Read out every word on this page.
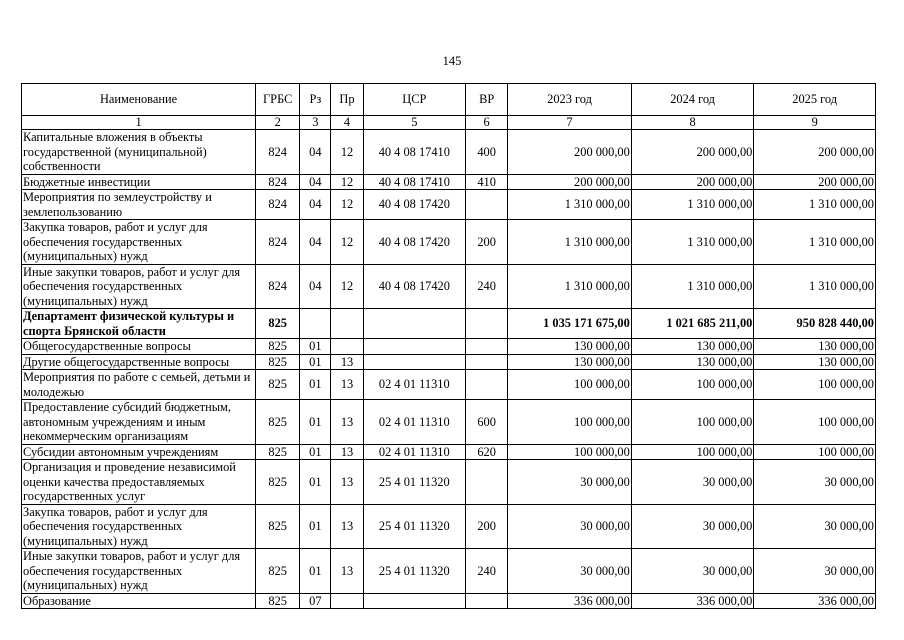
145
Наименование	ГРБС	Рз	Пр	ЦСР	ВР	2023 год	2024 год	2025 год
1	2	3	4	5	6	7	8	9
Капитальные вложения в объекты государственной (муниципальной) собственности	824	04	12	40 4 08 17410	400	200 000,00	200 000,00	200 000,00
Бюджетные инвестиции	824	04	12	40 4 08 17410	410	200 000,00	200 000,00	200 000,00
Мероприятия по землеустройству и землепользованию	824	04	12	40 4 08 17420		1 310 000,00	1 310 000,00	1 310 000,00
Закупка товаров, работ и услуг для обеспечения государственных (муниципальных) нужд	824	04	12	40 4 08 17420	200	1 310 000,00	1 310 000,00	1 310 000,00
Иные закупки товаров, работ и услуг для обеспечения государственных (муниципальных) нужд	824	04	12	40 4 08 17420	240	1 310 000,00	1 310 000,00	1 310 000,00
Департамент физической культуры и спорта Брянской области	825					1 035 171 675,00	1 021 685 211,00	950 828 440,00
Общегосударственные вопросы	825	01				130 000,00	130 000,00	130 000,00
Другие общегосударственные вопросы	825	01	13			130 000,00	130 000,00	130 000,00
Мероприятия по работе с семьей, детьми и молодежью	825	01	13	02 4 01 11310		100 000,00	100 000,00	100 000,00
Предоставление субсидий бюджетным, автономным учреждениям и иным некоммерческим организациям	825	01	13	02 4 01 11310	600	100 000,00	100 000,00	100 000,00
Субсидии автономным учреждениям	825	01	13	02 4 01 11310	620	100 000,00	100 000,00	100 000,00
Организация и проведение независимой оценки качества предоставляемых государственных услуг	825	01	13	25 4 01 11320		30 000,00	30 000,00	30 000,00
Закупка товаров, работ и услуг для обеспечения государственных (муниципальных) нужд	825	01	13	25 4 01 11320	200	30 000,00	30 000,00	30 000,00
Иные закупки товаров, работ и услуг для обеспечения государственных (муниципальных) нужд	825	01	13	25 4 01 11320	240	30 000,00	30 000,00	30 000,00
Образование	825	07				336 000,00	336 000,00	336 000,00
